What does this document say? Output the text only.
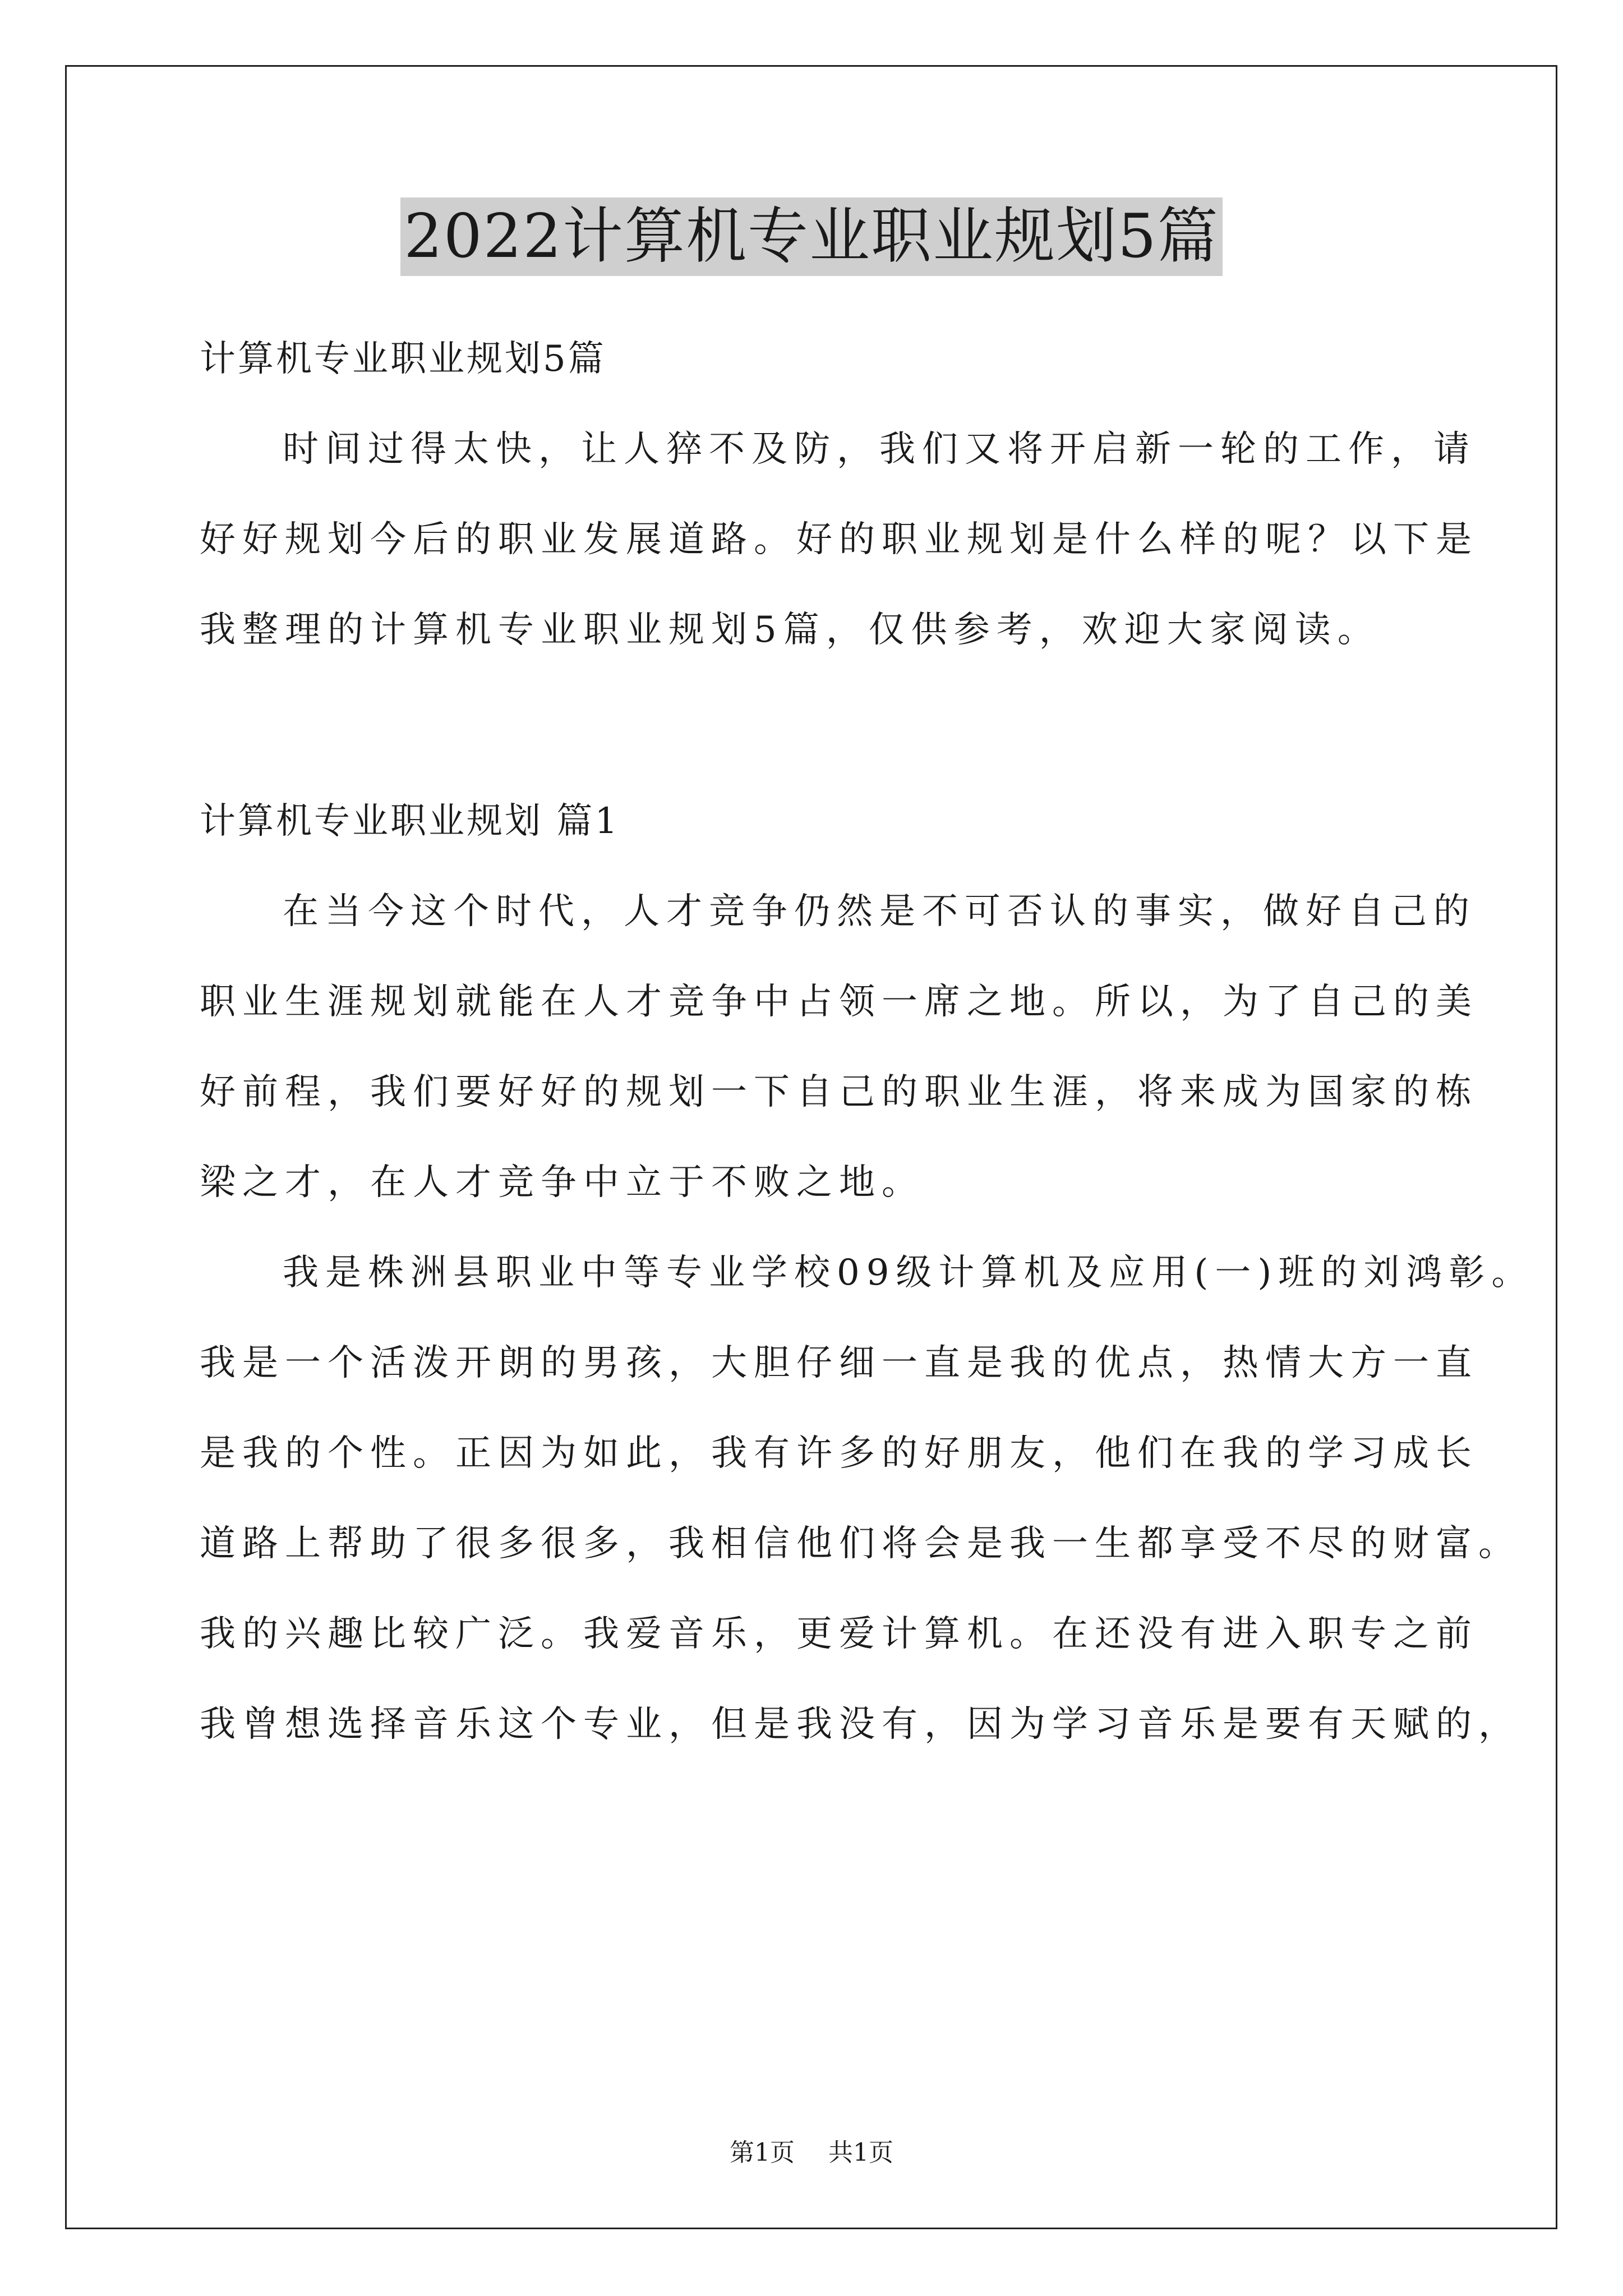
2022计算机专业职业规划5篇
计算机专业职业规划5篇
时间过得太快，让人猝不及防，我们又将开启新一轮的工作，请
好好规划今后的职业发展道路。好的职业规划是什么样的呢？以下是
我整理的计算机专业职业规划5篇，仅供参考，欢迎大家阅读。
计算机专业职业规划 篇1
在当今这个时代，人才竞争仍然是不可否认的事实，做好自己的
职业生涯规划就能在人才竞争中占领一席之地。所以，为了自己的美
好前程，我们要好好的规划一下自己的职业生涯，将来成为国家的栋
梁之才，在人才竞争中立于不败之地。
我是株洲县职业中等专业学校09级计算机及应用(一)班的刘鸿彰。
我是一个活泼开朗的男孩，大胆仔细一直是我的优点，热情大方一直
是我的个性。正因为如此，我有许多的好朋友，他们在我的学习成长
道路上帮助了很多很多，我相信他们将会是我一生都享受不尽的财富。
我的兴趣比较广泛。我爱音乐，更爱计算机。在还没有进入职专之前
我曾想选择音乐这个专业，但是我没有，因为学习音乐是要有天赋的，
第1页 共1页
